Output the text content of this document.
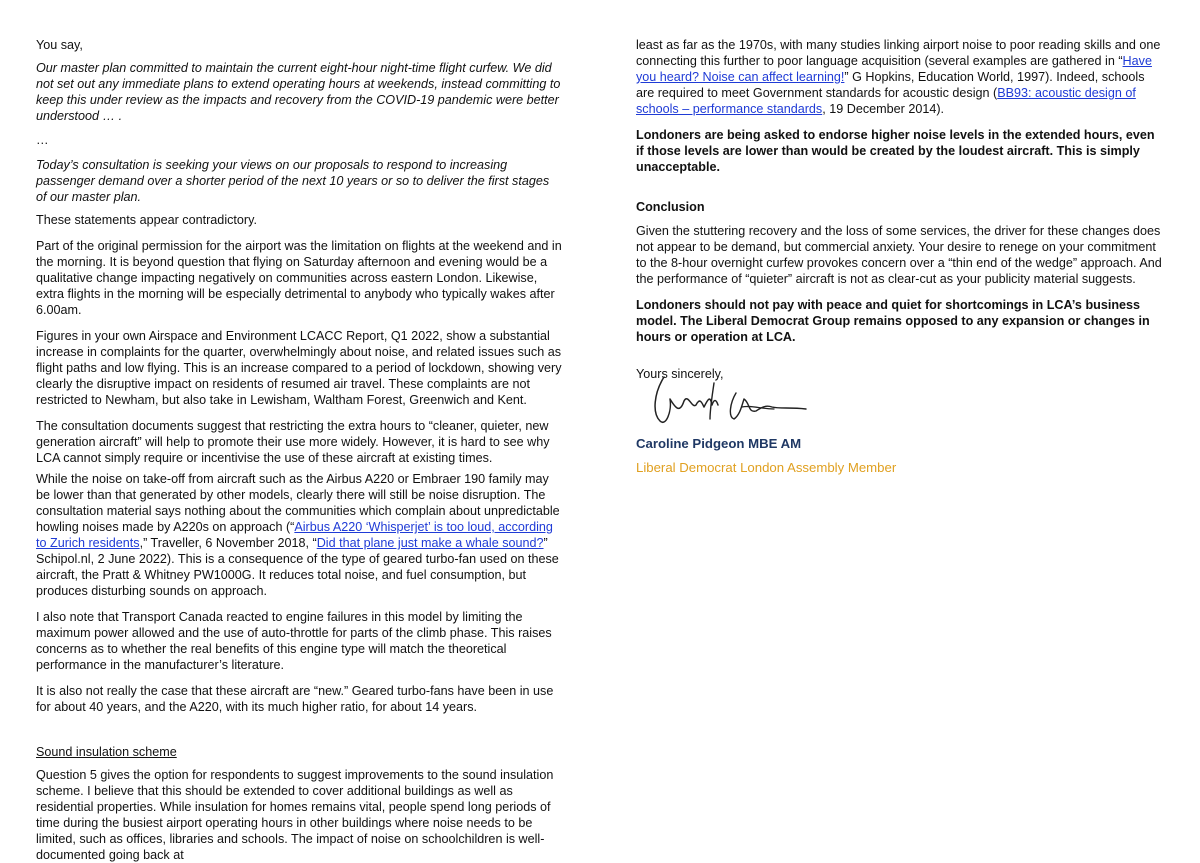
You say,

Our master plan committed to maintain the current eight-hour night-time flight curfew. We did not set out any immediate plans to extend operating hours at weekends, instead committing to keep this under review as the impacts and recovery from the COVID-19 pandemic were better understood … .

…

Today’s consultation is seeking your views on our proposals to respond to increasing passenger demand over a shorter period of the next 10 years or so to deliver the first stages of our master plan.

These statements appear contradictory.

Part of the original permission for the airport was the limitation on flights at the weekend and in the morning. It is beyond question that flying on Saturday afternoon and evening would be a qualitative change impacting negatively on communities across eastern London. Likewise, extra flights in the morning will be especially detrimental to anybody who typically wakes after 6.00am.

Figures in your own Airspace and Environment LCACC Report, Q1 2022, show a substantial increase in complaints for the quarter, overwhelmingly about noise, and related issues such as flight paths and low flying. This is an increase compared to a period of lockdown, showing very clearly the disruptive impact on residents of resumed air travel. These complaints are not restricted to Newham, but also take in Lewisham, Waltham Forest, Greenwich and Kent.

The consultation documents suggest that restricting the extra hours to “cleaner, quieter, new generation aircraft” will help to promote their use more widely. However, it is hard to see why LCA cannot simply require or incentivise the use of these aircraft at existing times.

While the noise on take-off from aircraft such as the Airbus A220 or Embraer 190 family may be lower than that generated by other models, clearly there will still be noise disruption. The consultation material says nothing about the communities which complain about unpredictable howling noises made by A220s on approach (“Airbus A220 ‘Whisperjet’ is too loud, according to Zurich residents,” Traveller, 6 November 2018, “Did that plane just make a whale sound?” Schipol.nl, 2 June 2022). This is a consequence of the type of geared turbo-fan used on these aircraft, the Pratt & Whitney PW1000G. It reduces total noise, and fuel consumption, but produces disturbing sounds on approach.

I also note that Transport Canada reacted to engine failures in this model by limiting the maximum power allowed and the use of auto-throttle for parts of the climb phase. This raises concerns as to whether the real benefits of this engine type will match the theoretical performance in the manufacturer’s literature.

It is also not really the case that these aircraft are “new.” Geared turbo-fans have been in use for about 40 years, and the A220, with its much higher ratio, for about 14 years.

Sound insulation scheme

Question 5 gives the option for respondents to suggest improvements to the sound insulation scheme. I believe that this should be extended to cover additional buildings as well as residential properties. While insulation for homes remains vital, people spend long periods of time during the busiest airport operating hours in other buildings where noise needs to be limited, such as offices, libraries and schools. The impact of noise on schoolchildren is well-documented going back at

least as far as the 1970s, with many studies linking airport noise to poor reading skills and one connecting this further to poor language acquisition (several examples are gathered in “Have you heard? Noise can affect learning!” G Hopkins, Education World, 1997). Indeed, schools are required to meet Government standards for acoustic design (BB93: acoustic design of schools – performance standards, 19 December 2014).

Londoners are being asked to endorse higher noise levels in the extended hours, even if those levels are lower than would be created by the loudest aircraft. This is simply unacceptable.

Conclusion

Given the stuttering recovery and the loss of some services, the driver for these changes does not appear to be demand, but commercial anxiety. Your desire to renege on your commitment to the 8-hour overnight curfew provokes concern over a “thin end of the wedge” approach. And the performance of “quieter” aircraft is not as clear-cut as your publicity material suggests.

Londoners should not pay with peace and quiet for shortcomings in LCA’s business model. The Liberal Democrat Group remains opposed to any expansion or changes in hours or operation at LCA.

Yours sincerely,

Caroline Pidgeon MBE AM
Liberal Democrat London Assembly Member
